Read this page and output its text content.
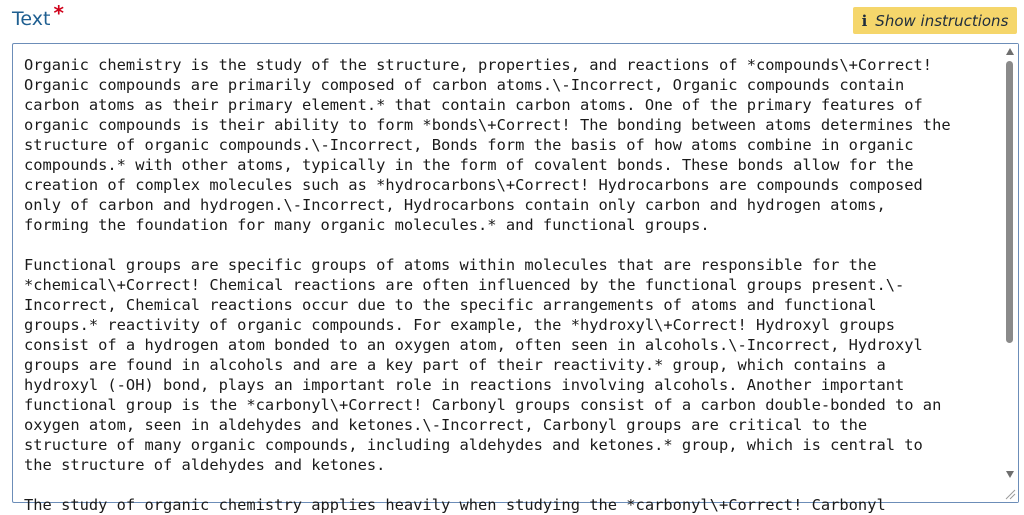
Text *	i Show instructions
Organic chemistry is the study of the structure, properties, and reactions of *compounds\+Correct!
Organic compounds are primarily composed of carbon atoms.\-Incorrect, Organic compounds contain
carbon atoms as their primary element.* that contain carbon atoms. One of the primary features of
organic compounds is their ability to form *bonds\+Correct! The bonding between atoms determines the
structure of organic compounds.\-Incorrect, Bonds form the basis of how atoms combine in organic
compounds.* with other atoms, typically in the form of covalent bonds. These bonds allow for the
creation of complex molecules such as *hydrocarbons\+Correct! Hydrocarbons are compounds composed
only of carbon and hydrogen.\-Incorrect, Hydrocarbons contain only carbon and hydrogen atoms,
forming the foundation for many organic molecules.* and functional groups.

Functional groups are specific groups of atoms within molecules that are responsible for the
*chemical\+Correct! Chemical reactions are often influenced by the functional groups present.\-
Incorrect, Chemical reactions occur due to the specific arrangements of atoms and functional
groups.* reactivity of organic compounds. For example, the *hydroxyl\+Correct! Hydroxyl groups
consist of a hydrogen atom bonded to an oxygen atom, often seen in alcohols.\-Incorrect, Hydroxyl
groups are found in alcohols and are a key part of their reactivity.* group, which contains a
hydroxyl (-OH) bond, plays an important role in reactions involving alcohols. Another important
functional group is the *carbonyl\+Correct! Carbonyl groups consist of a carbon double-bonded to an
oxygen atom, seen in aldehydes and ketones.\-Incorrect, Carbonyl groups are critical to the
structure of many organic compounds, including aldehydes and ketones.* group, which is central to
the structure of aldehydes and ketones.

The study of organic chemistry applies heavily when studying the *carbonyl\+Correct! Carbonyl
